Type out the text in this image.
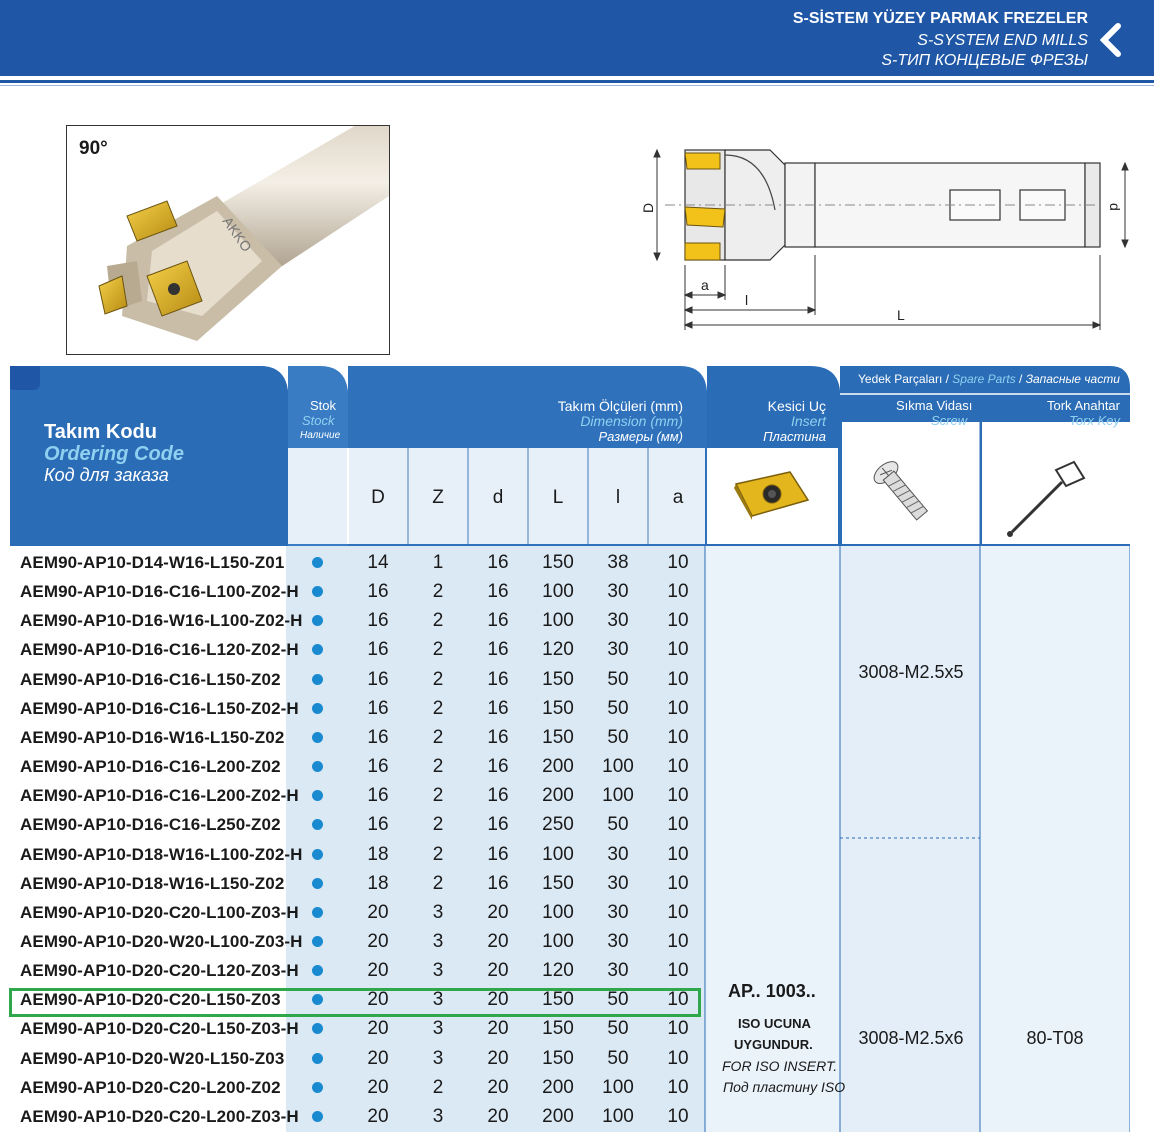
S-SİSTEM YÜZEY PARMAK FREZELER
S-SYSTEM END MILLS
S-ТИП КОНЦЕВЫЕ ФРЕЗЫ
AKKO
90°
D	d
a
l
L
Takım Kodu
Ordering Code
Код для заказа
Stok
Stock
Наличие
Takım Ölçüleri (mm)
Dimension (mm)
Размеры (мм)
Kesici Uç
Insert
Пластина
Yedek Parçaları / Spare Parts / Запасные части
Sıkma Vidası
Screw
Зажимной винт
Tork Anahtar
Torx Key
Torx Ключ
D	Z	d	L	l	a
AEM90-AP10-D14-W16-L150-Z01	14	1	16	150	38	10
AEM90-AP10-D16-C16-L100-Z02-H	16	2	16	100	30	10
AEM90-AP10-D16-W16-L100-Z02-H	16	2	16	100	30	10
AEM90-AP10-D16-C16-L120-Z02-H	16	2	16	120	30	10
AEM90-AP10-D16-C16-L150-Z02	16	2	16	150	50	10
AEM90-AP10-D16-C16-L150-Z02-H	16	2	16	150	50	10
AEM90-AP10-D16-W16-L150-Z02	16	2	16	150	50	10
AEM90-AP10-D16-C16-L200-Z02	16	2	16	200	100	10
AEM90-AP10-D16-C16-L200-Z02-H	16	2	16	200	100	10
AEM90-AP10-D16-C16-L250-Z02	16	2	16	250	50	10
AEM90-AP10-D18-W16-L100-Z02-H	18	2	16	100	30	10
AEM90-AP10-D18-W16-L150-Z02	18	2	16	150	30	10
AEM90-AP10-D20-C20-L100-Z03-H	20	3	20	100	30	10
AEM90-AP10-D20-W20-L100-Z03-H	20	3	20	100	30	10
AEM90-AP10-D20-C20-L120-Z03-H	20	3	20	120	30	10
AEM90-AP10-D20-C20-L150-Z03	20	3	20	150	50	10
AEM90-AP10-D20-C20-L150-Z03-H	20	3	20	150	50	10
AEM90-AP10-D20-W20-L150-Z03	20	3	20	150	50	10
AEM90-AP10-D20-C20-L200-Z02	20	2	20	200	100	10
AEM90-AP10-D20-C20-L200-Z03-H	20	3	20	200	100	10
3008-M2.5x5
3008-M2.5x6	80-T08
AP.. 1003..
ISO UCUNA
UYGUNDUR.
FOR ISO INSERT.
Под пластину ISO
